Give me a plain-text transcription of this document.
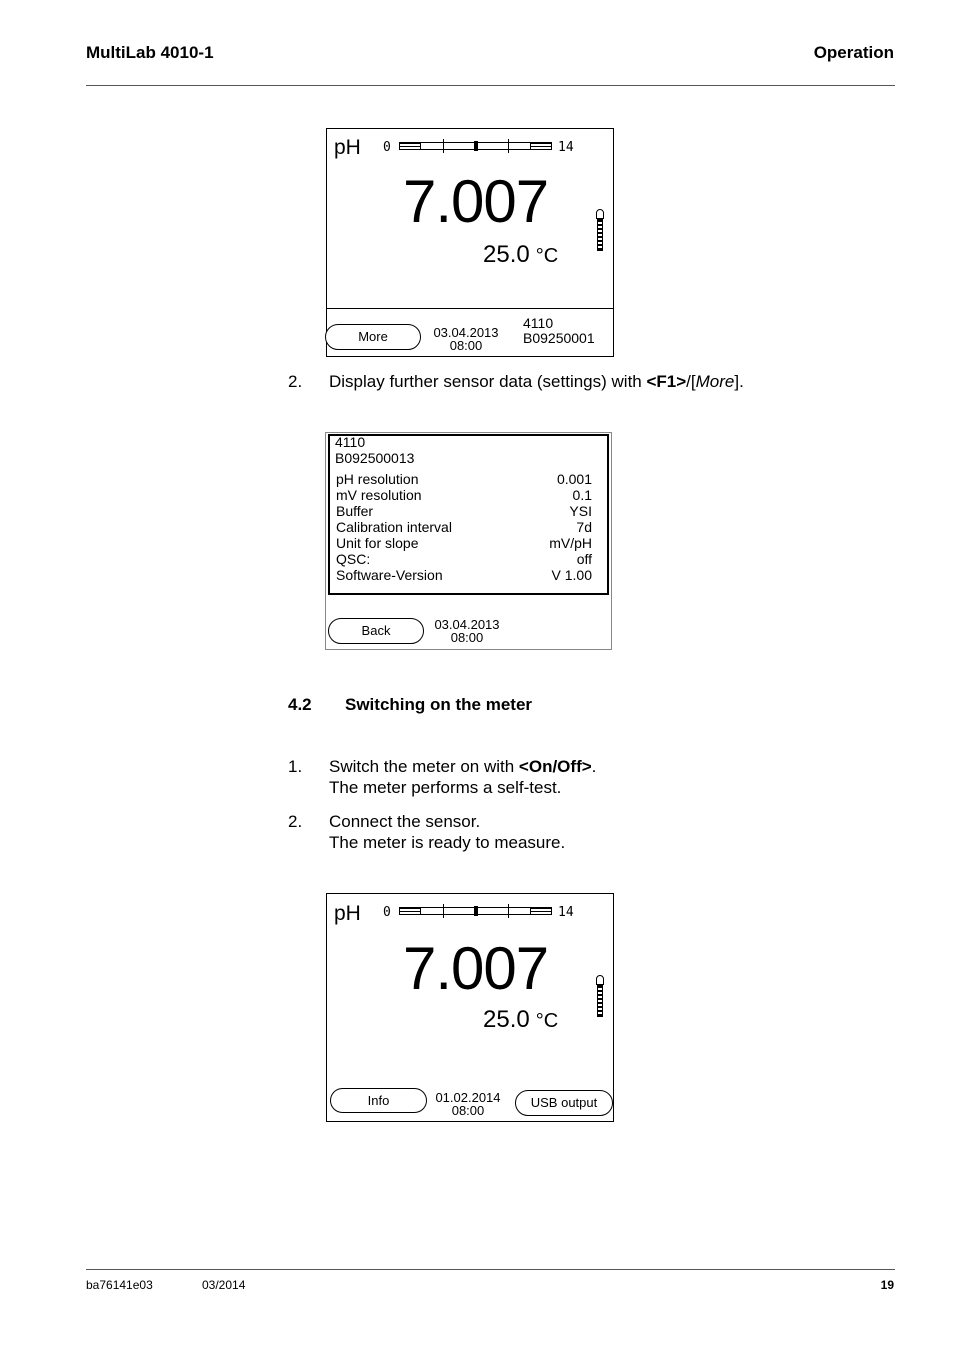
MultiLab 4010-1	Operation
pH 0	14
7.007
25.0 °C
More	03.04.2013
08:00
4110
B09250001
2. Display further sensor data (settings) with <F1>/[More].
4110
B092500013
pH resolution	0.001
mV resolution	0.1
Buffer	YSI
Calibration interval	7d
Unit for slope	mV/pH
QSC:	off
Software-Version	V 1.00
Back	03.04.2013
08:00
4.2 Switching on the meter
1. Switch the meter on with <On/Off>.
The meter performs a self-test.
2. Connect the sensor.
The meter is ready to measure.
pH 0	14
7.007
25.0 °C
Info	01.02.2014
08:00
USB output
ba76141e03	03/2014	19
